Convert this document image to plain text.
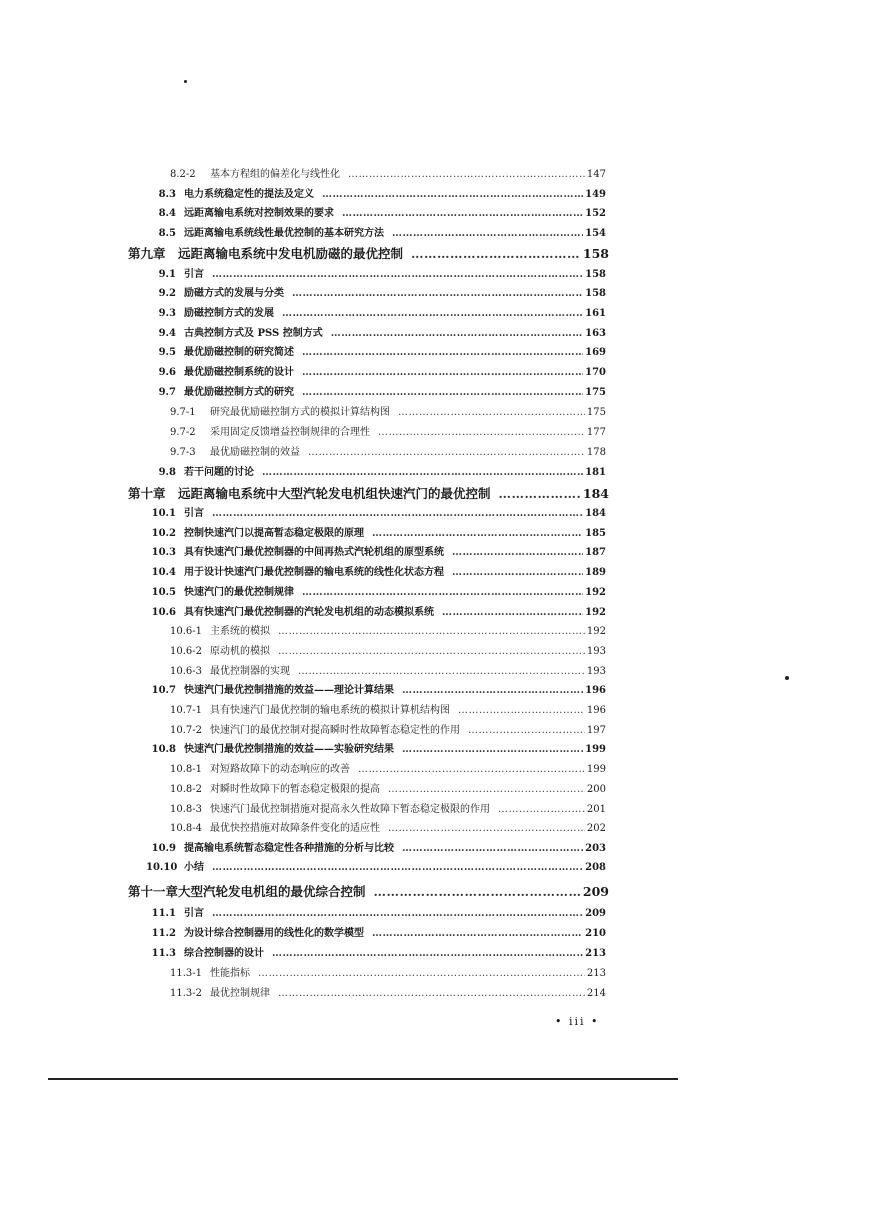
8.2-2	基本方程组的偏差化与线性化 …………………………………………………………………………………………………………………………………………………………………………	147
8.3 电力系统稳定性的提法及定义 …………………………………………………………………………………………………………………………………………………………………………	149
8.4 远距离输电系统对控制效果的要求 …………………………………………………………………………………………………………………………………………………………………………	152
8.5 远距离输电系统线性最优控制的基本研究方法 …………………………………………………………………………………………………………………………………………………………………………	154
第九章 远距离输电系统中发电机励磁的最优控制 …………………………………………………………………………………………………………………………………………………………………………	158
9.1 引言 …………………………………………………………………………………………………………………………………………………………………………	158
9.2 励磁方式的发展与分类 …………………………………………………………………………………………………………………………………………………………………………	158
9.3 励磁控制方式的发展 …………………………………………………………………………………………………………………………………………………………………………	161
9.4 古典控制方式及 PSS 控制方式 …………………………………………………………………………………………………………………………………………………………………………	163
9.5 最优励磁控制的研究简述 …………………………………………………………………………………………………………………………………………………………………………	169
9.6 最优励磁控制系统的设计 …………………………………………………………………………………………………………………………………………………………………………	170
9.7 最优励磁控制方式的研究 …………………………………………………………………………………………………………………………………………………………………………	175
9.7-1	研究最优励磁控制方式的模拟计算结构图 …………………………………………………………………………………………………………………………………………………………………………	175
9.7-2	采用固定反馈增益控制规律的合理性 …………………………………………………………………………………………………………………………………………………………………………	177
9.7-3	最优励磁控制的效益 …………………………………………………………………………………………………………………………………………………………………………	178
9.8 若干问题的讨论 …………………………………………………………………………………………………………………………………………………………………………	181
第十章 远距离输电系统中大型汽轮发电机组快速汽门的最优控制 …………………………………………………………………………………………………………………………………………………………………………	184
10.1 引言 …………………………………………………………………………………………………………………………………………………………………………	184
10.2 控制快速汽门以提高暂态稳定极限的原理 …………………………………………………………………………………………………………………………………………………………………………	185
10.3 具有快速汽门最优控制器的中间再热式汽轮机组的原型系统 …………………………………………………………………………………………………………………………………………………………………………	187
10.4 用于设计快速汽门最优控制器的输电系统的线性化状态方程 …………………………………………………………………………………………………………………………………………………………………………	189
10.5 快速汽门的最优控制规律 …………………………………………………………………………………………………………………………………………………………………………	192
10.6 具有快速汽门最优控制器的汽轮发电机组的动态模拟系统 …………………………………………………………………………………………………………………………………………………………………………	192
10.6-1 主系统的模拟 …………………………………………………………………………………………………………………………………………………………………………	192
10.6-2 原动机的模拟 …………………………………………………………………………………………………………………………………………………………………………	193
10.6-3 最优控制器的实现 …………………………………………………………………………………………………………………………………………………………………………	193
10.7 快速汽门最优控制措施的效益——理论计算结果 …………………………………………………………………………………………………………………………………………………………………………	196
10.7-1 具有快速汽门最优控制的输电系统的模拟计算机结构图 …………………………………………………………………………………………………………………………………………………………………………	196
10.7-2 快速汽门的最优控制对提高瞬时性故障暂态稳定性的作用 …………………………………………………………………………………………………………………………………………………………………………	197
10.8 快速汽门最优控制措施的效益——实验研究结果 …………………………………………………………………………………………………………………………………………………………………………	199
10.8-1 对短路故障下的动态响应的改善 …………………………………………………………………………………………………………………………………………………………………………	199
10.8-2 对瞬时性故障下的暂态稳定极限的提高 …………………………………………………………………………………………………………………………………………………………………………	200
10.8-3 快速汽门最优控制措施对提高永久性故障下暂态稳定极限的作用 …………………………………………………………………………………………………………………………………………………………………………	201
10.8-4 最优快控措施对故障条件变化的适应性 …………………………………………………………………………………………………………………………………………………………………………	202
10.9 提高输电系统暂态稳定性各种措施的分析与比较 …………………………………………………………………………………………………………………………………………………………………………	203
10.10 小结 …………………………………………………………………………………………………………………………………………………………………………	208
第十一章 大型汽轮发电机组的最优综合控制 …………………………………………………………………………………………………………………………………………………………………………	209
11.1 引言 …………………………………………………………………………………………………………………………………………………………………………	209
11.2 为设计综合控制器用的线性化的数学模型 …………………………………………………………………………………………………………………………………………………………………………	210
11.3 综合控制器的设计 …………………………………………………………………………………………………………………………………………………………………………	213
11.3-1 性能指标 …………………………………………………………………………………………………………………………………………………………………………	213
11.3-2 最优控制规律 …………………………………………………………………………………………………………………………………………………………………………	214
• iii •
